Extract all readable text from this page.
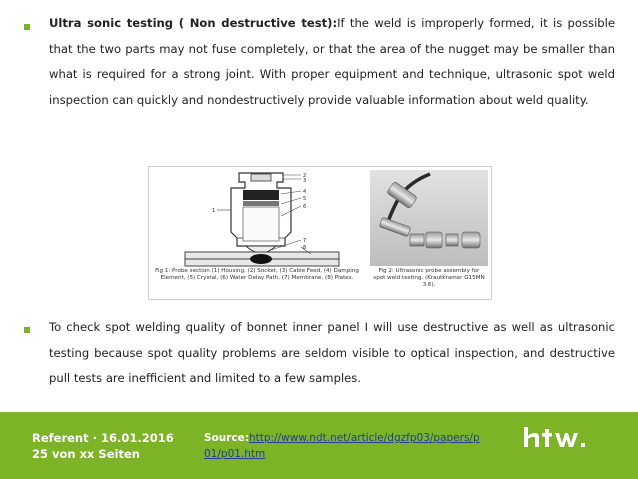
Ultra sonic testing ( Non destructive test):If the weld is improperly formed, it is possible that the two parts may not fuse completely, or that the area of the nugget may be smaller than what is required for a strong joint. With proper equipment and technique, ultrasonic spot weld inspection can quickly and nondestructively provide valuable information about weld quality.

2
3
4
5
6
7
8
1
Fig 1: Probe section (1) Housing, (2) Socket, (3) Cable Feed, (4) Damping Element, (5) Crystal, (6) Water Delay Path, (7) Membrane, (8) Plates.
Fig 2: Ultrasonic probe assembly for spot weld testing. (Krautkramer G15MN 3.6).

To check spot welding quality of bonnet inner panel I will use destructive as well as ultrasonic testing because spot quality problems are seldom visible to optical inspection, and destructive pull tests are inefficient and limited to a few samples.

Referent · 16.01.2016
25 von xx Seiten
Source:http://www.ndt.net/article/dgzfp03/papers/p01/p01.htm
